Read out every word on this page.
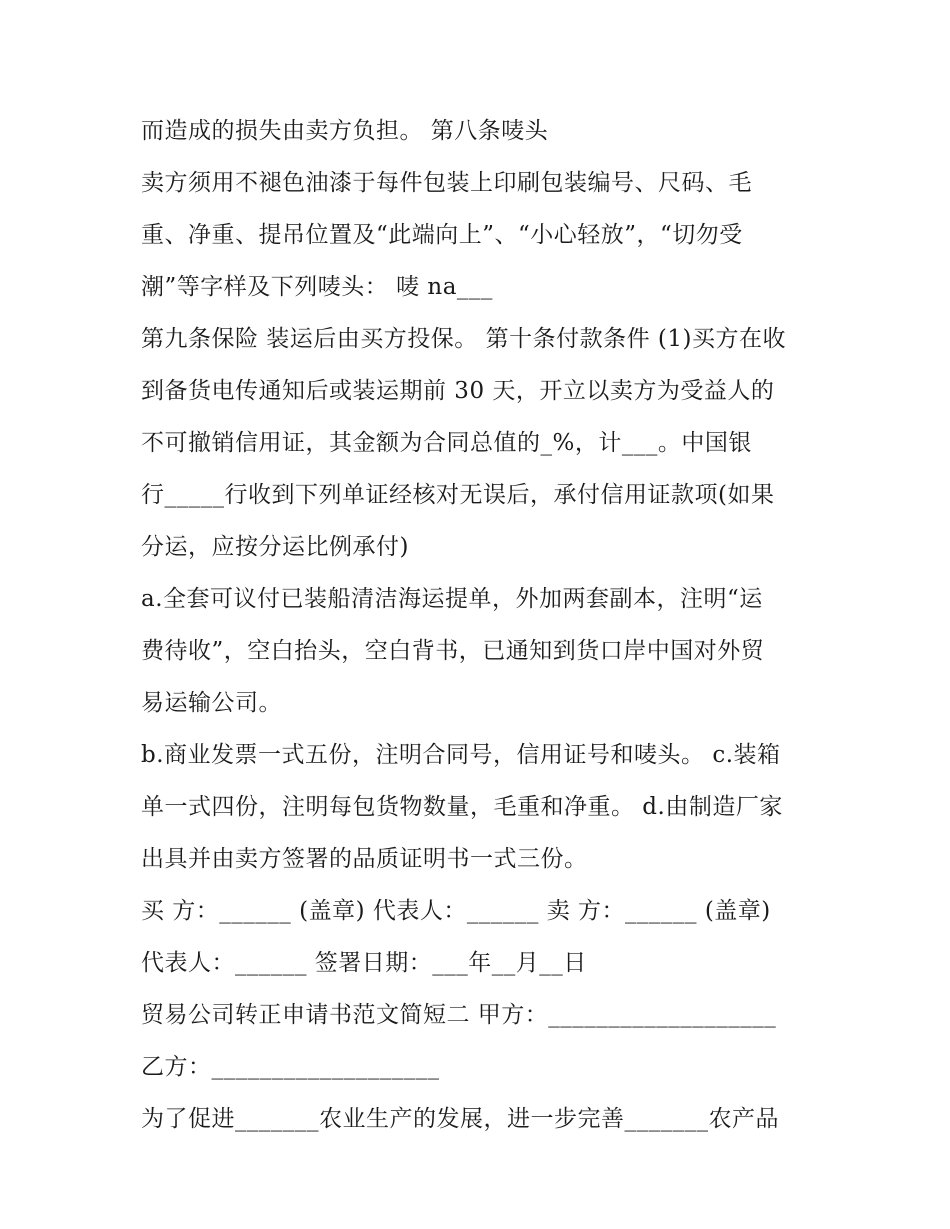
而造成的损失由卖方负担。 第八条唛头
卖方须用不褪色油漆于每件包装上印刷包装编号、尺码、毛
重、净重、提吊位置及“此端向上”、“小心轻放”，“切勿受
潮”等字样及下列唛头： 唛 na___
第九条保险 装运后由买方投保。 第十条付款条件 (1)买方在收
到备货电传通知后或装运期前 30 天，开立以卖方为受益人的
不可撤销信用证，其金额为合同总值的_%，计___。中国银
行_____行收到下列单证经核对无误后，承付信用证款项(如果
分运，应按分运比例承付)
a.全套可议付已装船清洁海运提单，外加两套副本，注明“运
费待收”，空白抬头，空白背书，已通知到货口岸中国对外贸
易运输公司。
b.商业发票一式五份，注明合同号，信用证号和唛头。 c.装箱
单一式四份，注明每包货物数量，毛重和净重。 d.由制造厂家
出具并由卖方签署的品质证明书一式三份。
买 方：______ (盖章) 代表人：______ 卖 方：______ (盖章)
代表人：______ 签署日期：___年__月__日
贸易公司转正申请书范文简短二 甲方：___________________
乙方：___________________
为了促进_______农业生产的发展，进一步完善_______农产品
